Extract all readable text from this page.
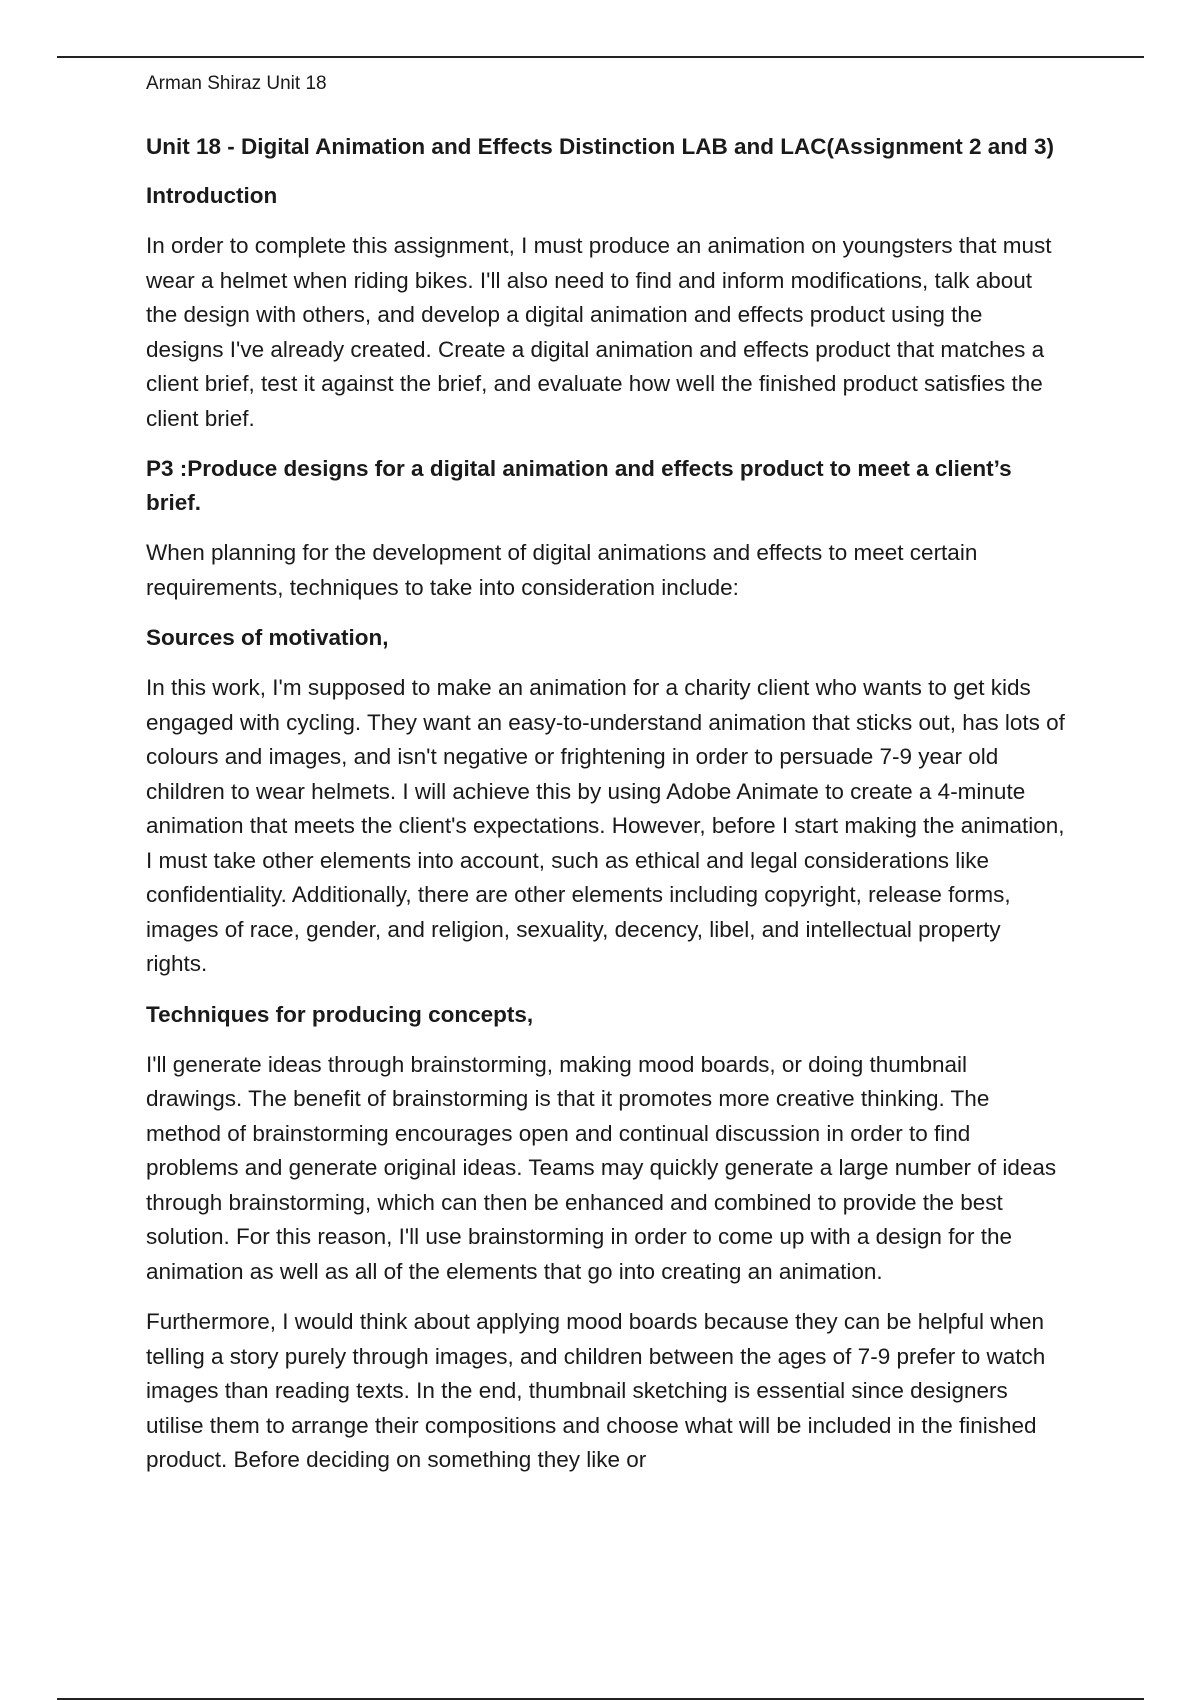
Arman Shiraz Unit 18
Unit 18 - Digital Animation and Effects Distinction LAB and LAC(Assignment 2 and 3)
Introduction
In order to complete this assignment, I must produce an animation on youngsters that must wear a helmet when riding bikes. I'll also need to find and inform modifications, talk about the design with others, and develop a digital animation and effects product using the designs I've already created. Create a digital animation and effects product that matches a client brief, test it against the brief, and evaluate how well the finished product satisfies the client brief.
P3 :Produce designs for a digital animation and effects product to meet a client’s brief.
When planning for the development of digital animations and effects to meet certain requirements, techniques to take into consideration include:
Sources of motivation,
In this work, I'm supposed to make an animation for a charity client who wants to get kids engaged with cycling. They want an easy-to-understand animation that sticks out, has lots of colours and images, and isn't negative or frightening in order to persuade 7-9 year old children to wear helmets. I will achieve this by using Adobe Animate to create a 4-minute animation that meets the client's expectations. However, before I start making the animation, I must take other elements into account, such as ethical and legal considerations like confidentiality. Additionally, there are other elements including copyright, release forms, images of race, gender, and religion, sexuality, decency, libel, and intellectual property rights.
Techniques for producing concepts,
I'll generate ideas through brainstorming, making mood boards, or doing thumbnail drawings. The benefit of brainstorming is that it promotes more creative thinking. The method of brainstorming encourages open and continual discussion in order to find problems and generate original ideas. Teams may quickly generate a large number of ideas through brainstorming, which can then be enhanced and combined to provide the best solution. For this reason, I'll use brainstorming in order to come up with a design for the animation as well as all of the elements that go into creating an animation.
Furthermore, I would think about applying mood boards because they can be helpful when telling a story purely through images, and children between the ages of 7-9 prefer to watch images than reading texts. In the end, thumbnail sketching is essential since designers utilise them to arrange their compositions and choose what will be included in the finished product. Before deciding on something they like or
